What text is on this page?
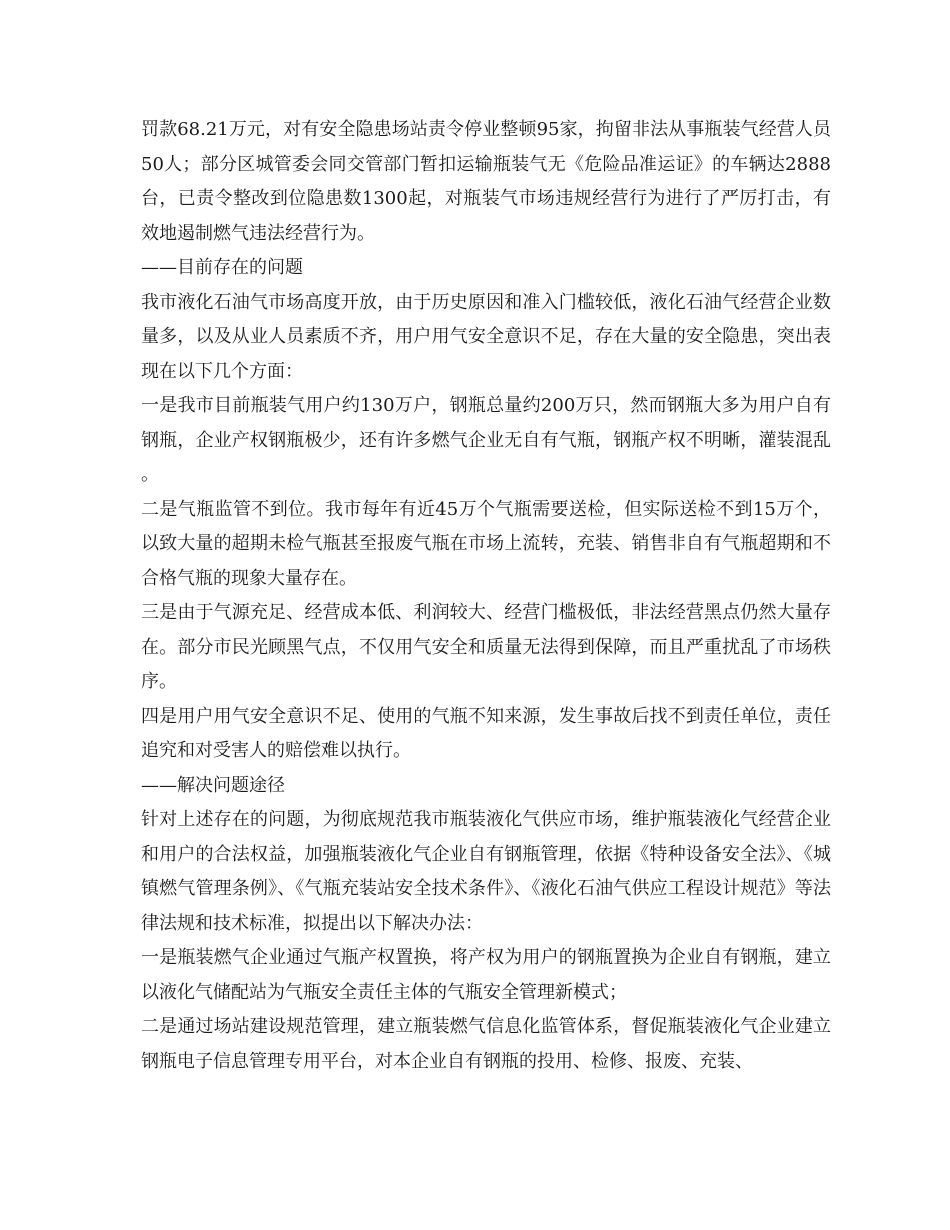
罚款68.21万元，对有安全隐患场站责令停业整顿95家，拘留非法从事瓶装气经营人员50人；部分区城管委会同交管部门暂扣运输瓶装气无《危险品准运证》的车辆达2888台，已责令整改到位隐患数1300起，对瓶装气市场违规经营行为进行了严厉打击，有效地遏制燃气违法经营行为。

——目前存在的问题

我市液化石油气市场高度开放，由于历史原因和准入门槛较低，液化石油气经营企业数量多，以及从业人员素质不齐，用户用气安全意识不足，存在大量的安全隐患，突出表现在以下几个方面：

一是我市目前瓶装气用户约130万户，钢瓶总量约200万只，然而钢瓶大多为用户自有钢瓶，企业产权钢瓶极少，还有许多燃气企业无自有气瓶，钢瓶产权不明晰，灌装混乱。

二是气瓶监管不到位。我市每年有近45万个气瓶需要送检，但实际送检不到15万个，以致大量的超期未检气瓶甚至报废气瓶在市场上流转，充装、销售非自有气瓶超期和不合格气瓶的现象大量存在。

三是由于气源充足、经营成本低、利润较大、经营门槛极低，非法经营黑点仍然大量存在。部分市民光顾黑气点，不仅用气安全和质量无法得到保障，而且严重扰乱了市场秩序。

四是用户用气安全意识不足、使用的气瓶不知来源，发生事故后找不到责任单位，责任追究和对受害人的赔偿难以执行。

——解决问题途径

针对上述存在的问题，为彻底规范我市瓶装液化气供应市场，维护瓶装液化气经营企业和用户的合法权益，加强瓶装液化气企业自有钢瓶管理，依据《特种设备安全法》、《城镇燃气管理条例》、《气瓶充装站安全技术条件》、《液化石油气供应工程设计规范》等法律法规和技术标准，拟提出以下解决办法：

一是瓶装燃气企业通过气瓶产权置换，将产权为用户的钢瓶置换为企业自有钢瓶，建立以液化气储配站为气瓶安全责任主体的气瓶安全管理新模式；

二是通过场站建设规范管理，建立瓶装燃气信息化监管体系，督促瓶装液化气企业建立钢瓶电子信息管理专用平台，对本企业自有钢瓶的投用、检修、报废、充装、
